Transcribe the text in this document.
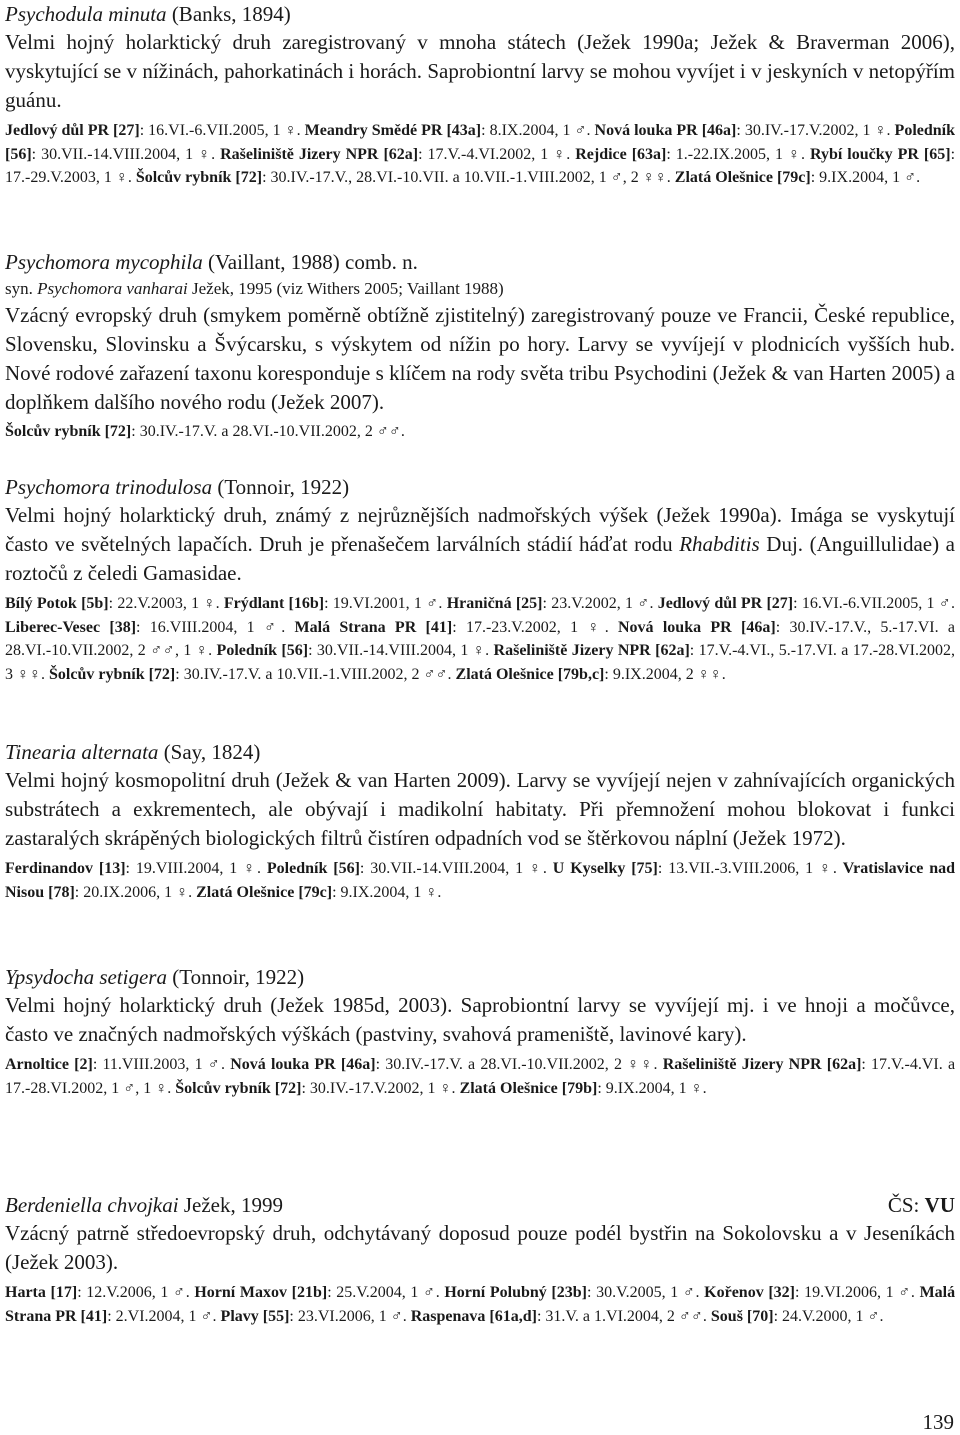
Psychodula minuta (Banks, 1894)
Velmi hojný holarktický druh zaregistrovaný v mnoha státech (Ježek 1990a; Ježek & Braverman 2006), vyskytující se v nížinách, pahorkatinách i horách. Saprobiontní larvy se mohou vyvíjet i v jeskyních v netopýřím guánu.
Jedlový důl PR [27]: 16.VI.-6.VII.2005, 1 ♀. Meandry Smědé PR [43a]: 8.IX.2004, 1 ♂. Nová louka PR [46a]: 30.IV.-17.V.2002, 1 ♀. Poledník [56]: 30.VII.-14.VIII.2004, 1 ♀. Rašeliniště Jizery NPR [62a]: 17.V.-4.VI.2002, 1 ♀. Rejdice [63a]: 1.-22.IX.2005, 1 ♀. Rybí loučky PR [65]: 17.-29.V.2003, 1 ♀. Šolcův rybník [72]: 30.IV.-17.V., 28.VI.-10.VII. a 10.VII.-1.VIII.2002, 1 ♂, 2 ♀♀. Zlatá Olešnice [79c]: 9.IX.2004, 1 ♂.
Psychomora mycophila (Vaillant, 1988) comb. n.
syn. Psychomora vanharai Ježek, 1995 (viz Withers 2005; Vaillant 1988)
Vzácný evropský druh (smykem poměrně obtížně zjistitelný) zaregistrovaný pouze ve Francii, České republice, Slovensku, Slovinsku a Švýcarsku, s výskytem od nížin po hory. Larvy se vyvíjejí v plodnicích vyšších hub. Nové rodové zařazení taxonu koresponduje s klíčem na rody světa tribu Psychodini (Ježek & van Harten 2005) a doplňkem dalšího nového rodu (Ježek 2007).
Šolcův rybník [72]: 30.IV.-17.V. a 28.VI.-10.VII.2002, 2 ♂♂.
Psychomora trinodulosa (Tonnoir, 1922)
Velmi hojný holarktický druh, známý z nejrůznějších nadmořských výšek (Ježek 1990a). Imága se vyskytují často ve světelných lapačích. Druh je přenašečem larválních stádií háďat rodu Rhabditis Duj. (Anguillulidae) a roztočů z čeledi Gamasidae.
Bílý Potok [5b]: 22.V.2003, 1 ♀. Frýdlant [16b]: 19.VI.2001, 1 ♂. Hraničná [25]: 23.V.2002, 1 ♂. Jedlový důl PR [27]: 16.VI.-6.VII.2005, 1 ♂. Liberec-Vesec [38]: 16.VIII.2004, 1 ♂. Malá Strana PR [41]: 17.-23.V.2002, 1 ♀. Nová louka PR [46a]: 30.IV.-17.V., 5.-17.VI. a 28.VI.-10.VII.2002, 2 ♂♂, 1 ♀. Poledník [56]: 30.VII.-14.VIII.2004, 1 ♀. Rašeliniště Jizery NPR [62a]: 17.V.-4.VI., 5.-17.VI. a 17.-28.VI.2002, 3 ♀♀. Šolcův rybník [72]: 30.IV.-17.V. a 10.VII.-1.VIII.2002, 2 ♂♂. Zlatá Olešnice [79b,c]: 9.IX.2004, 2 ♀♀.
Tinearia alternata (Say, 1824)
Velmi hojný kosmopolitní druh (Ježek & van Harten 2009). Larvy se vyvíjejí nejen v zahnívajících organických substrátech a exkrementech, ale obývají i madikolní habitaty. Při přemnožení mohou blokovat i funkci zastaralých skrápěných biologických filtrů čistíren odpadních vod se štěrkovou náplní (Ježek 1972).
Ferdinandov [13]: 19.VIII.2004, 1 ♀. Poledník [56]: 30.VII.-14.VIII.2004, 1 ♀. U Kyselky [75]: 13.VII.-3.VIII.2006, 1 ♀. Vratislavice nad Nisou [78]: 20.IX.2006, 1 ♀. Zlatá Olešnice [79c]: 9.IX.2004, 1 ♀.
Ypsydocha setigera (Tonnoir, 1922)
Velmi hojný holarktický druh (Ježek 1985d, 2003). Saprobiontní larvy se vyvíjejí mj. i ve hnoji a močůvce, často ve značných nadmořských výškách (pastviny, svahová prameniště, lavinové kary).
Arnoltice [2]: 11.VIII.2003, 1 ♂. Nová louka PR [46a]: 30.IV.-17.V. a 28.VI.-10.VII.2002, 2 ♀♀. Rašeliniště Jizery NPR [62a]: 17.V.-4.VI. a 17.-28.VI.2002, 1 ♂, 1 ♀. Šolcův rybník [72]: 30.IV.-17.V.2002, 1 ♀. Zlatá Olešnice [79b]: 9.IX.2004, 1 ♀.
Berdeniella chvojkai Ježek, 1999	ČS: VU
Vzácný patrně středoevropský druh, odchytávaný doposud pouze podél bystřin na Sokolovsku a v Jeseníkách (Ježek 2003).
Harta [17]: 12.V.2006, 1 ♂. Horní Maxov [21b]: 25.V.2004, 1 ♂. Horní Polubný [23b]: 30.V.2005, 1 ♂. Kořenov [32]: 19.VI.2006, 1 ♂. Malá Strana PR [41]: 2.VI.2004, 1 ♂. Plavy [55]: 23.VI.2006, 1 ♂. Raspenava [61a,d]: 31.V. a 1.VI.2004, 2 ♂♂. Souš [70]: 24.V.2000, 1 ♂.
139
